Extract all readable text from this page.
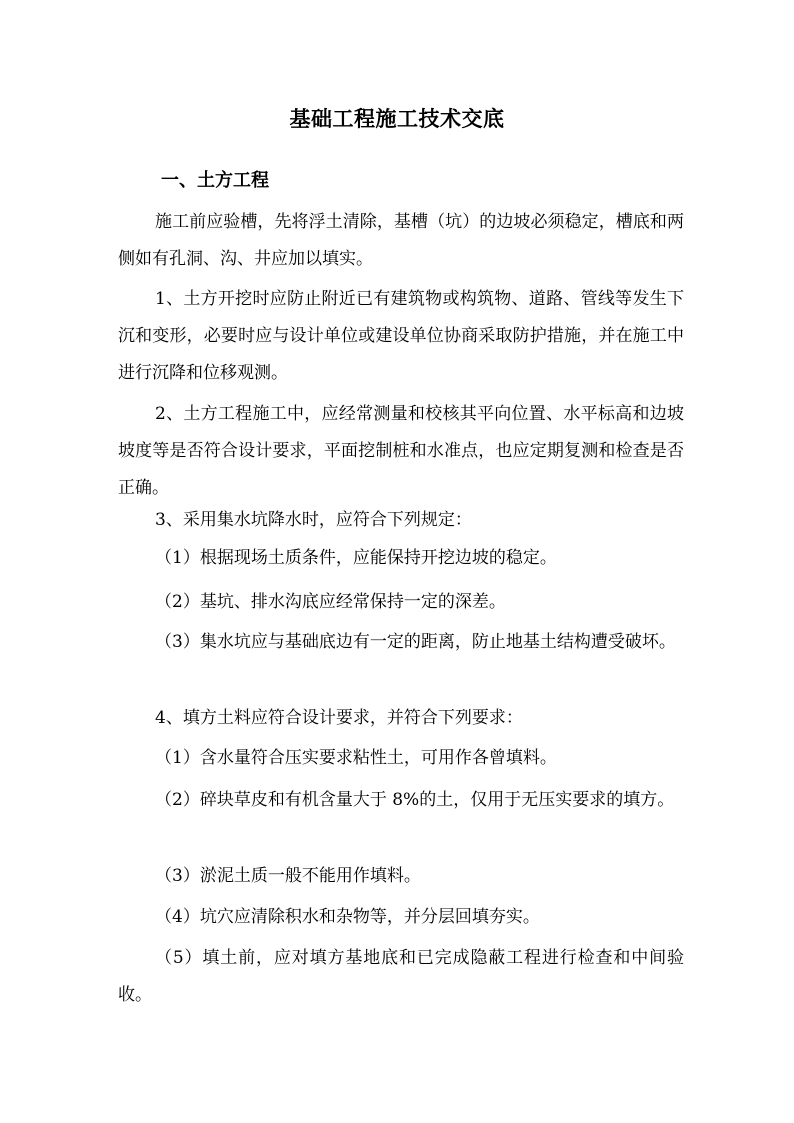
基础工程施工技术交底
一、土方工程
施工前应验槽，先将浮土清除，基槽（坑）的边坡必须稳定，槽底和两侧如有孔洞、沟、井应加以填实。
1、土方开挖时应防止附近已有建筑物或构筑物、道路、管线等发生下沉和变形，必要时应与设计单位或建设单位协商采取防护措施，并在施工中进行沉降和位移观测。
2、土方工程施工中，应经常测量和校核其平向位置、水平标高和边坡坡度等是否符合设计要求，平面挖制桩和水准点，也应定期复测和检查是否正确。
3、采用集水坑降水时，应符合下列规定：
（1）根据现场土质条件，应能保持开挖边坡的稳定。
（2）基坑、排水沟底应经常保持一定的深差。
（3）集水坑应与基础底边有一定的距离，防止地基土结构遭受破坏。
4、填方土料应符合设计要求，并符合下列要求：
（1）含水量符合压实要求粘性土，可用作各曾填料。
（2）碎块草皮和有机含量大于 8%的土，仅用于无压实要求的填方。
（3）淤泥土质一般不能用作填料。
（4）坑穴应清除积水和杂物等，并分层回填夯实。
（5）填土前，应对填方基地底和已完成隐蔽工程进行检查和中间验收。
